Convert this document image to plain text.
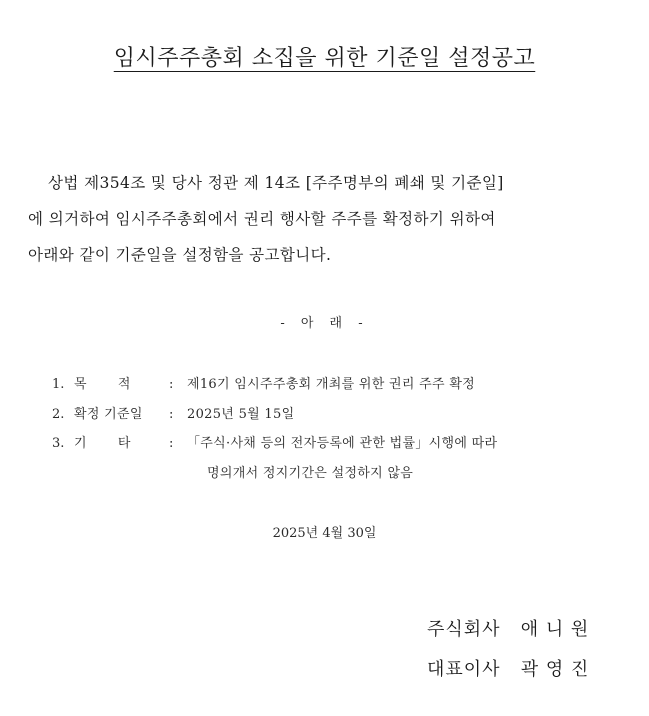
임시주주총회 소집을 위한 기준일 설정공고
상법 제354조 및 당사 정관 제 14조 [주주명부의 폐쇄 및 기준일]
에 의거하여 임시주주총회에서 권리 행사할 주주를 확정하기 위하여
아래와 같이 기준일을 설정함을 공고합니다.
- 아 래 -
1. 목       적	:	제16기 임시주주총회 개최를 위한 권리 주주 확정
2. 확정 기준일	:	2025년 5월 15일
3. 기       타	:	「주식·사채 등의 전자등록에 관한 법률」시행에 따라
명의개서 정지기간은 설정하지 않음
2025년 4월 30일
주식회사   애 니 원
대표이사   곽 영 진
